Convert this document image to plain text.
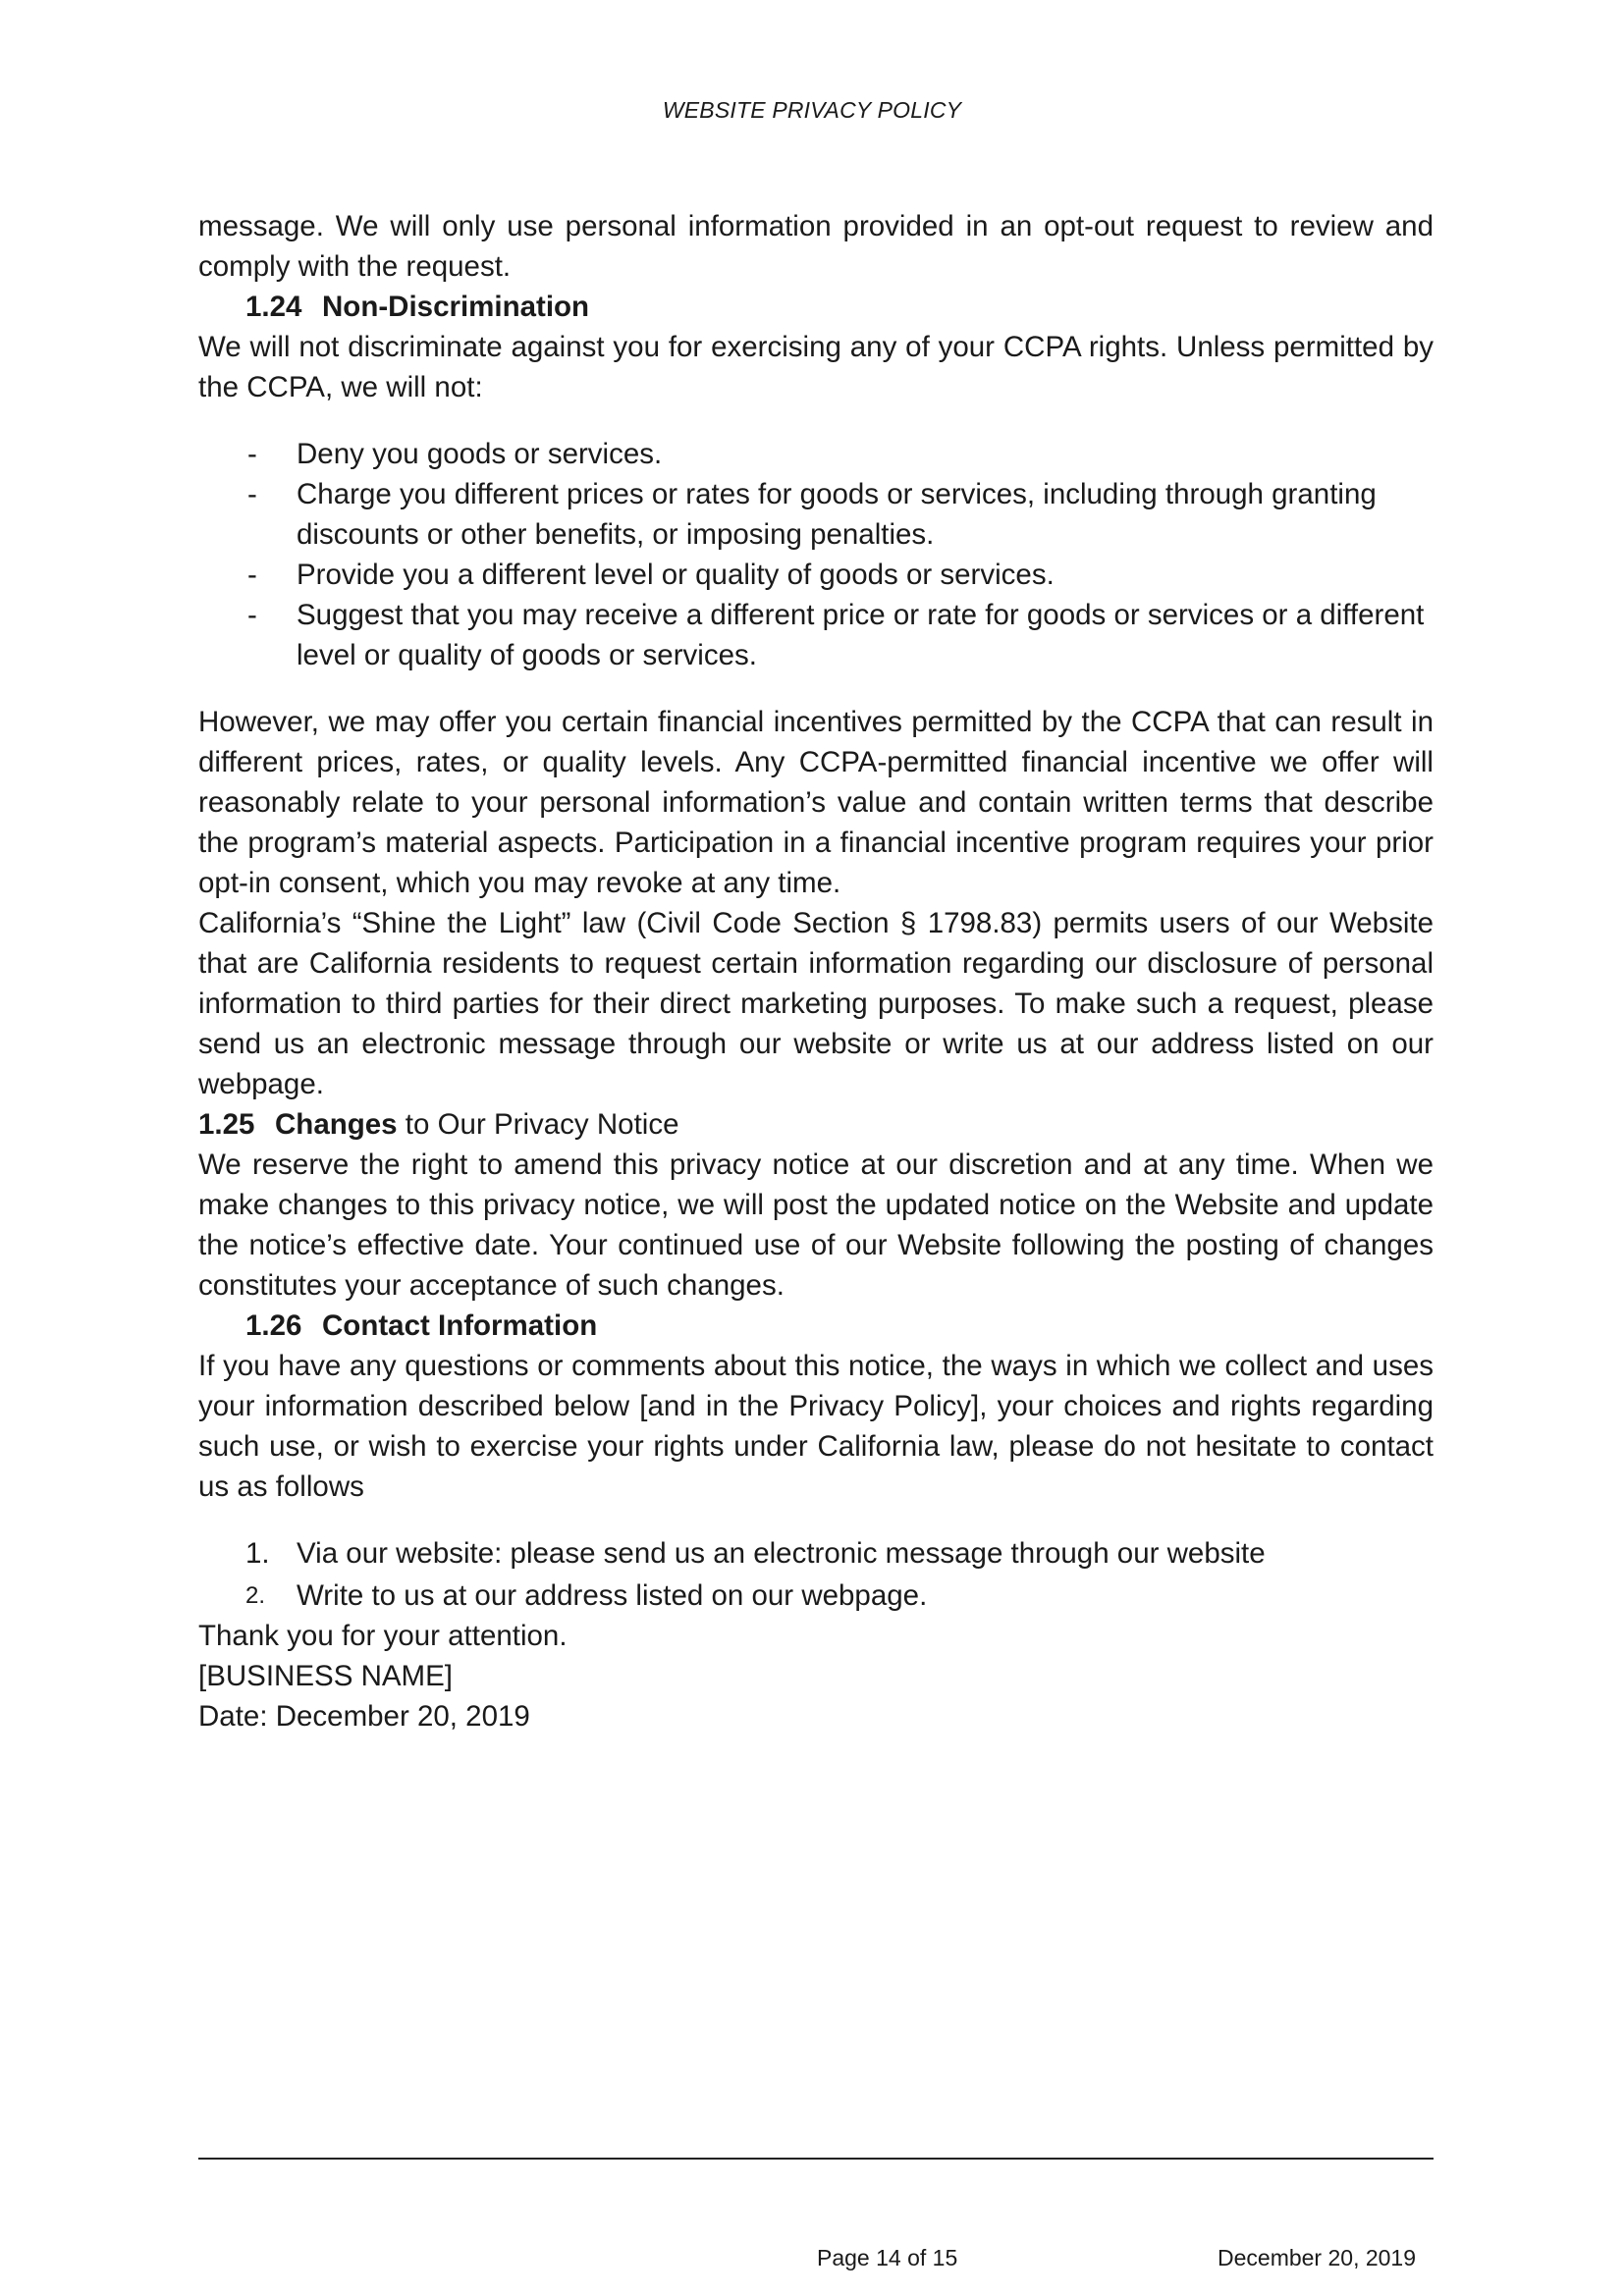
WEBSITE PRIVACY POLICY

message. We will only use personal information provided in an opt-out request to review and comply with the request.

1.24 Non-Discrimination

We will not discriminate against you for exercising any of your CCPA rights. Unless permitted by the CCPA, we will not:

- Deny you goods or services.
- Charge you different prices or rates for goods or services, including through granting discounts or other benefits, or imposing penalties.
- Provide you a different level or quality of goods or services.
- Suggest that you may receive a different price or rate for goods or services or a different level or quality of goods or services.

However, we may offer you certain financial incentives permitted by the CCPA that can result in different prices, rates, or quality levels. Any CCPA-permitted financial incentive we offer will reasonably relate to your personal information’s value and contain written terms that describe the program’s material aspects. Participation in a financial incentive program requires your prior opt-in consent, which you may revoke at any time.

California’s “Shine the Light” law (Civil Code Section § 1798.83) permits users of our Website that are California residents to request certain information regarding our disclosure of personal information to third parties for their direct marketing purposes. To make such a request, please send us an electronic message through our website or write us at our address listed on our webpage.

1.25 Changes to Our Privacy Notice

We reserve the right to amend this privacy notice at our discretion and at any time. When we make changes to this privacy notice, we will post the updated notice on the Website and update the notice’s effective date. Your continued use of our Website following the posting of changes constitutes your acceptance of such changes.

1.26 Contact Information

If you have any questions or comments about this notice, the ways in which we collect and uses your information described below [and in the Privacy Policy], your choices and rights regarding such use, or wish to exercise your rights under California law, please do not hesitate to contact us as follows

1. Via our website: please send us an electronic message through our website
2. Write to us at our address listed on our webpage.

Thank you for your attention.

[BUSINESS NAME]

Date: December 20, 2019

Page 14 of 15	December 20, 2019
